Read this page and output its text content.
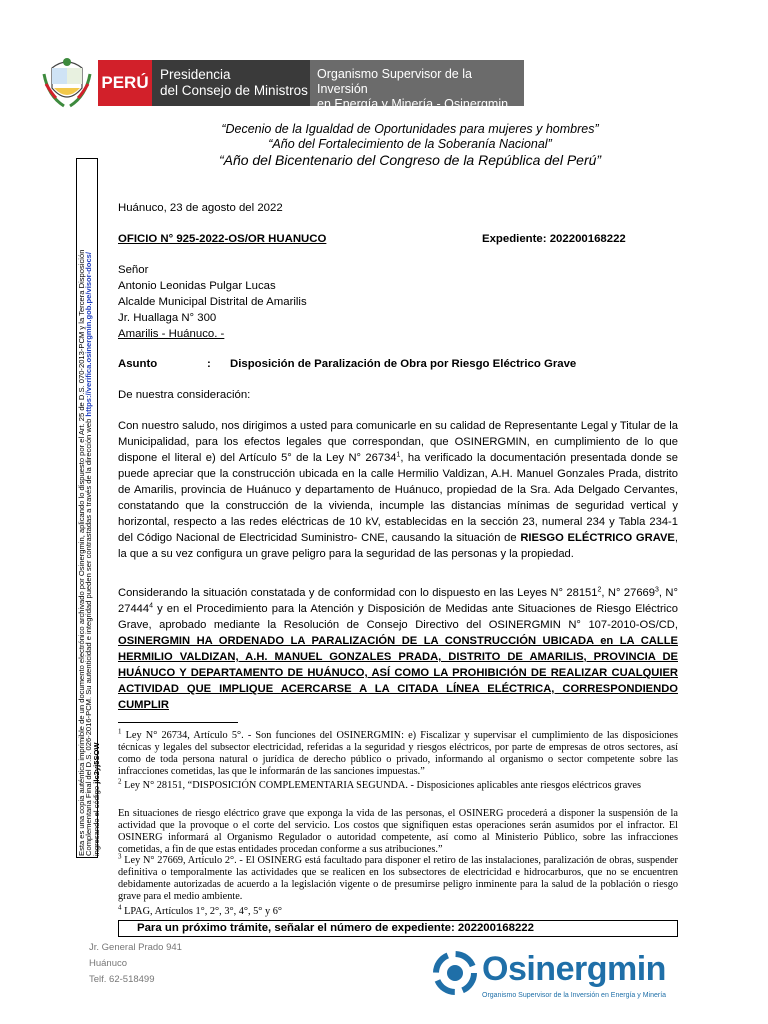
PERÚ Presidencia
del Consejo de Ministros
Organismo Supervisor de la Inversión
en Energía y Minería - Osinergmin
“Decenio de la Igualdad de Oportunidades para mujeres y hombres”
“Año del Fortalecimiento de la Soberanía Nacional”
“Año del Bicentenario del Congreso de la República del Perú”
Esta es una copia auténtica imprimible de un documento electrónico archivado por Osinergmin, aplicando lo dispuesto por el Art. 25 de D.S. 070-2013-PCM y la Tercera Disposición
Complementaria Final del D.S. 026-2016-PCM. Su autenticidad e integridad pueden ser contrastadas a través de la dirección web https://verifica.osinergmin.gob.pe/visor-docs/
ingresando el código jlc2yj5SOW
Huánuco, 23 de agosto del 2022
OFICIO N° 925-2022-OS/OR HUANUCO	Expediente: 202200168222
Señor
Antonio Leonidas Pulgar Lucas
Alcalde Municipal Distrital de Amarilis
Jr. Huallaga N° 300
Amarilis - Huánuco. -
Asunto	: Disposición de Paralización de Obra por Riesgo Eléctrico Grave
De nuestra consideración:
Con nuestro saludo, nos dirigimos a usted para comunicarle en su calidad de Representante Legal y Titular de la Municipalidad, para los efectos legales que correspondan, que OSINERGMIN, en cumplimiento de lo que dispone el literal e) del Artículo 5° de la Ley N° 26734$^1$, ha verificado la documentación presentada donde se puede apreciar que la construcción ubicada en la calle Hermilio Valdizan, A.H. Manuel Gonzales Prada, distrito de Amarilis, provincia de Huánuco y departamento de Huánuco, propiedad de la Sra. Ada Delgado Cervantes, constatando que la construcción de la vivienda, incumple las distancias mínimas de seguridad vertical y horizontal, respecto a las redes eléctricas de 10 kV, establecidas en la sección 23, numeral 234 y Tabla 234-1 del Código Nacional de Electricidad Suministro- CNE, causando la situación de RIESGO ELÉCTRICO GRAVE, la que a su vez configura un grave peligro para la seguridad de las personas y la propiedad.
Considerando la situación constatada y de conformidad con lo dispuesto en las Leyes N° 28151$^2$, N° 27669$^3$, N° 27444$^4$ y en el Procedimiento para la Atención y Disposición de Medidas ante Situaciones de Riesgo Eléctrico Grave, aprobado mediante la Resolución de Consejo Directivo del OSINERGMIN N° 107-2010-OS/CD, OSINERGMIN HA ORDENADO LA PARALIZACIÓN DE LA CONSTRUCCIÓN UBICADA en LA CALLE HERMILIO VALDIZAN, A.H. MANUEL GONZALES PRADA, DISTRITO DE AMARILIS, PROVINCIA DE HUÁNUCO Y DEPARTAMENTO DE HUÁNUCO, ASÍ COMO LA PROHIBICIÓN DE REALIZAR CUALQUIER ACTIVIDAD QUE IMPLIQUE ACERCARSE A LA CITADA LÍNEA ELÉCTRICA, CORRESPONDIENDO CUMPLIR
$^1$ Ley N° 26734, Artículo 5°. - Son funciones del OSINERGMIN: e) Fiscalizar y supervisar el cumplimiento de las disposiciones técnicas y legales del subsector electricidad, referidas a la seguridad y riesgos eléctricos, por parte de empresas de otros sectores, así como de toda persona natural o jurídica de derecho público o privado, informando al organismo o sector competente sobre las infracciones cometidas, las que le informarán de las sanciones impuestas.”
$^2$ Ley N° 28151, “DISPOSICIÓN COMPLEMENTARIA SEGUNDA. - Disposiciones aplicables ante riesgos eléctricos graves
En situaciones de riesgo eléctrico grave que exponga la vida de las personas, el OSINERG procederá a disponer la suspensión de la actividad que la provoque o el corte del servicio. Los costos que signifiquen estas operaciones serán asumidos por el infractor. El OSINERG informará al Organismo Regulador o autoridad competente, así como al Ministerio Público, sobre las infracciones cometidas, a fin de que estas entidades procedan conforme a sus atribuciones.”
$^3$ Ley N° 27669, Artículo 2°. - El OSINERG está facultado para disponer el retiro de las instalaciones, paralización de obras, suspender definitiva o temporalmente las actividades que se realicen en los subsectores de electricidad e hidrocarburos, que no se encuentren debidamente autorizadas de acuerdo a la legislación vigente o de presumirse peligro inminente para la salud de la población o riesgo grave para el medio ambiente.
$^4$ LPAG, Artículos 1°, 2°, 3°, 4°, 5° y 6°
Para un próximo trámite, señalar el número de expediente: 202200168222
Jr. General Prado 941
Huánuco
Telf. 62-518499	Osinergmin
Organismo Supervisor de la Inversión en Energía y Minería
